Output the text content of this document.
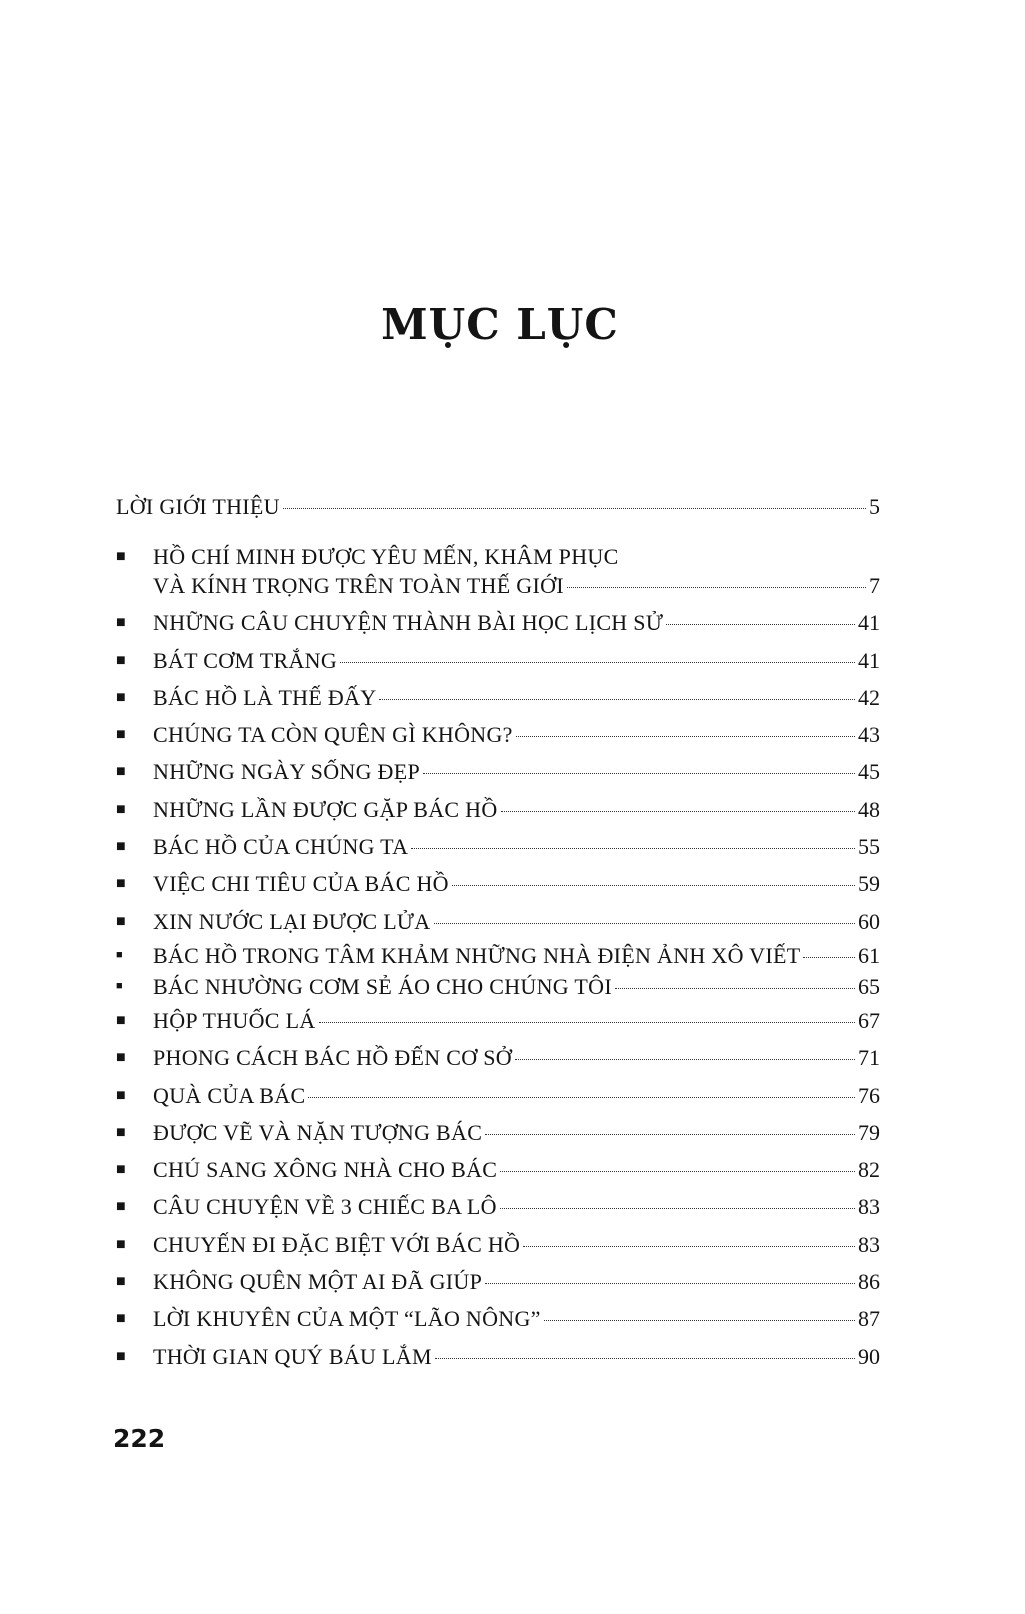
MỤC LỤC
LỜI GIỚI THIỆU	5
■	HỒ CHÍ MINH ĐƯỢC YÊU MẾN, KHÂM PHỤC
VÀ KÍNH TRỌNG TRÊN TOÀN THẾ GIỚI	7
■	NHỮNG CÂU CHUYỆN THÀNH BÀI HỌC LỊCH SỬ	41
■	BÁT CƠM TRẮNG	41
■	BÁC HỒ LÀ THẾ ĐẤY	42
■	CHÚNG TA CÒN QUÊN GÌ KHÔNG?	43
■	NHỮNG NGÀY SỐNG ĐẸP	45
■	NHỮNG LẦN ĐƯỢC GẶP BÁC HỒ	48
■	BÁC HỒ CỦA CHÚNG TA	55
■	VIỆC CHI TIÊU CỦA BÁC HỒ	59
■	XIN NƯỚC LẠI ĐƯỢC LỬA	60
■	BÁC HỒ TRONG TÂM KHẢM NHỮNG NHÀ ĐIỆN ẢNH XÔ VIẾT	61
■	BÁC NHƯỜNG CƠM SẺ ÁO CHO CHÚNG TÔI	65
■	HỘP THUỐC LÁ	67
■	PHONG CÁCH BÁC HỒ ĐẾN CƠ SỞ	71
■	QUÀ CỦA BÁC	76
■	ĐƯỢC VẼ VÀ NẶN TƯỢNG BÁC	79
■	CHÚ SANG XÔNG NHÀ CHO BÁC	82
■	CÂU CHUYỆN VỀ 3 CHIẾC BA LÔ	83
■	CHUYẾN ĐI ĐẶC BIỆT VỚI BÁC HỒ	83
■	KHÔNG QUÊN MỘT AI ĐÃ GIÚP	86
■	LỜI KHUYÊN CỦA MỘT “LÃO NÔNG”	87
■	THỜI GIAN QUÝ BÁU LẮM	90
222
